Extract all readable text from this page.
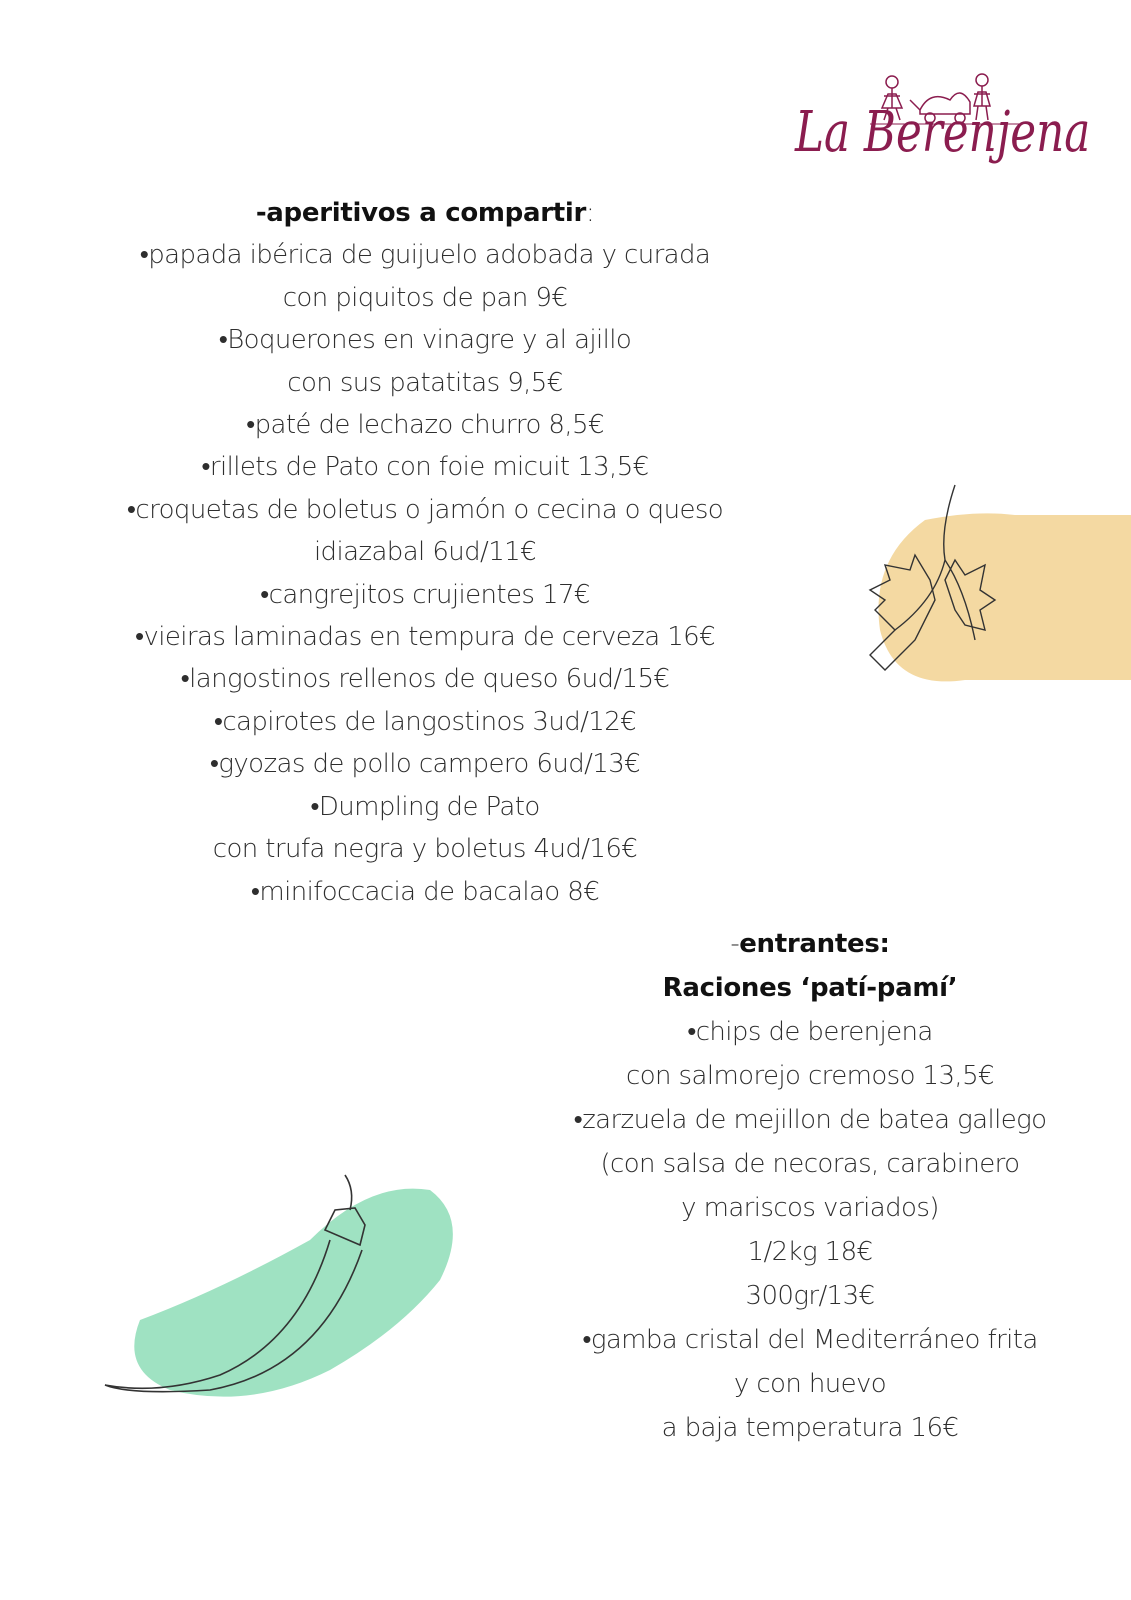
La Berenjena
-aperitivos a compartir:
•papada ibérica de guijuelo adobada y curada
con piquitos de pan 9€
•Boquerones en vinagre y al ajillo
con sus patatitas 9,5€
•paté de lechazo churro 8,5€
•rillets de Pato con foie micuit 13,5€
•croquetas de boletus o jamón o cecina o queso
idiazabal 6ud/11€
•cangrejitos crujientes 17€
•vieiras laminadas en tempura de cerveza 16€
•langostinos rellenos de queso 6ud/15€
•capirotes de langostinos 3ud/12€
•gyozas de pollo campero 6ud/13€
•Dumpling de Pato
con trufa negra y boletus 4ud/16€
•minifoccacia de bacalao 8€
-entrantes:
Raciones ‘patí-pamí’
•chips de berenjena
con salmorejo cremoso 13,5€
•zarzuela de mejillon de batea gallego
(con salsa de necoras, carabinero
y mariscos variados)
1/2kg 18€
300gr/13€
•gamba cristal del Mediterráneo frita
y con huevo
a baja temperatura 16€
